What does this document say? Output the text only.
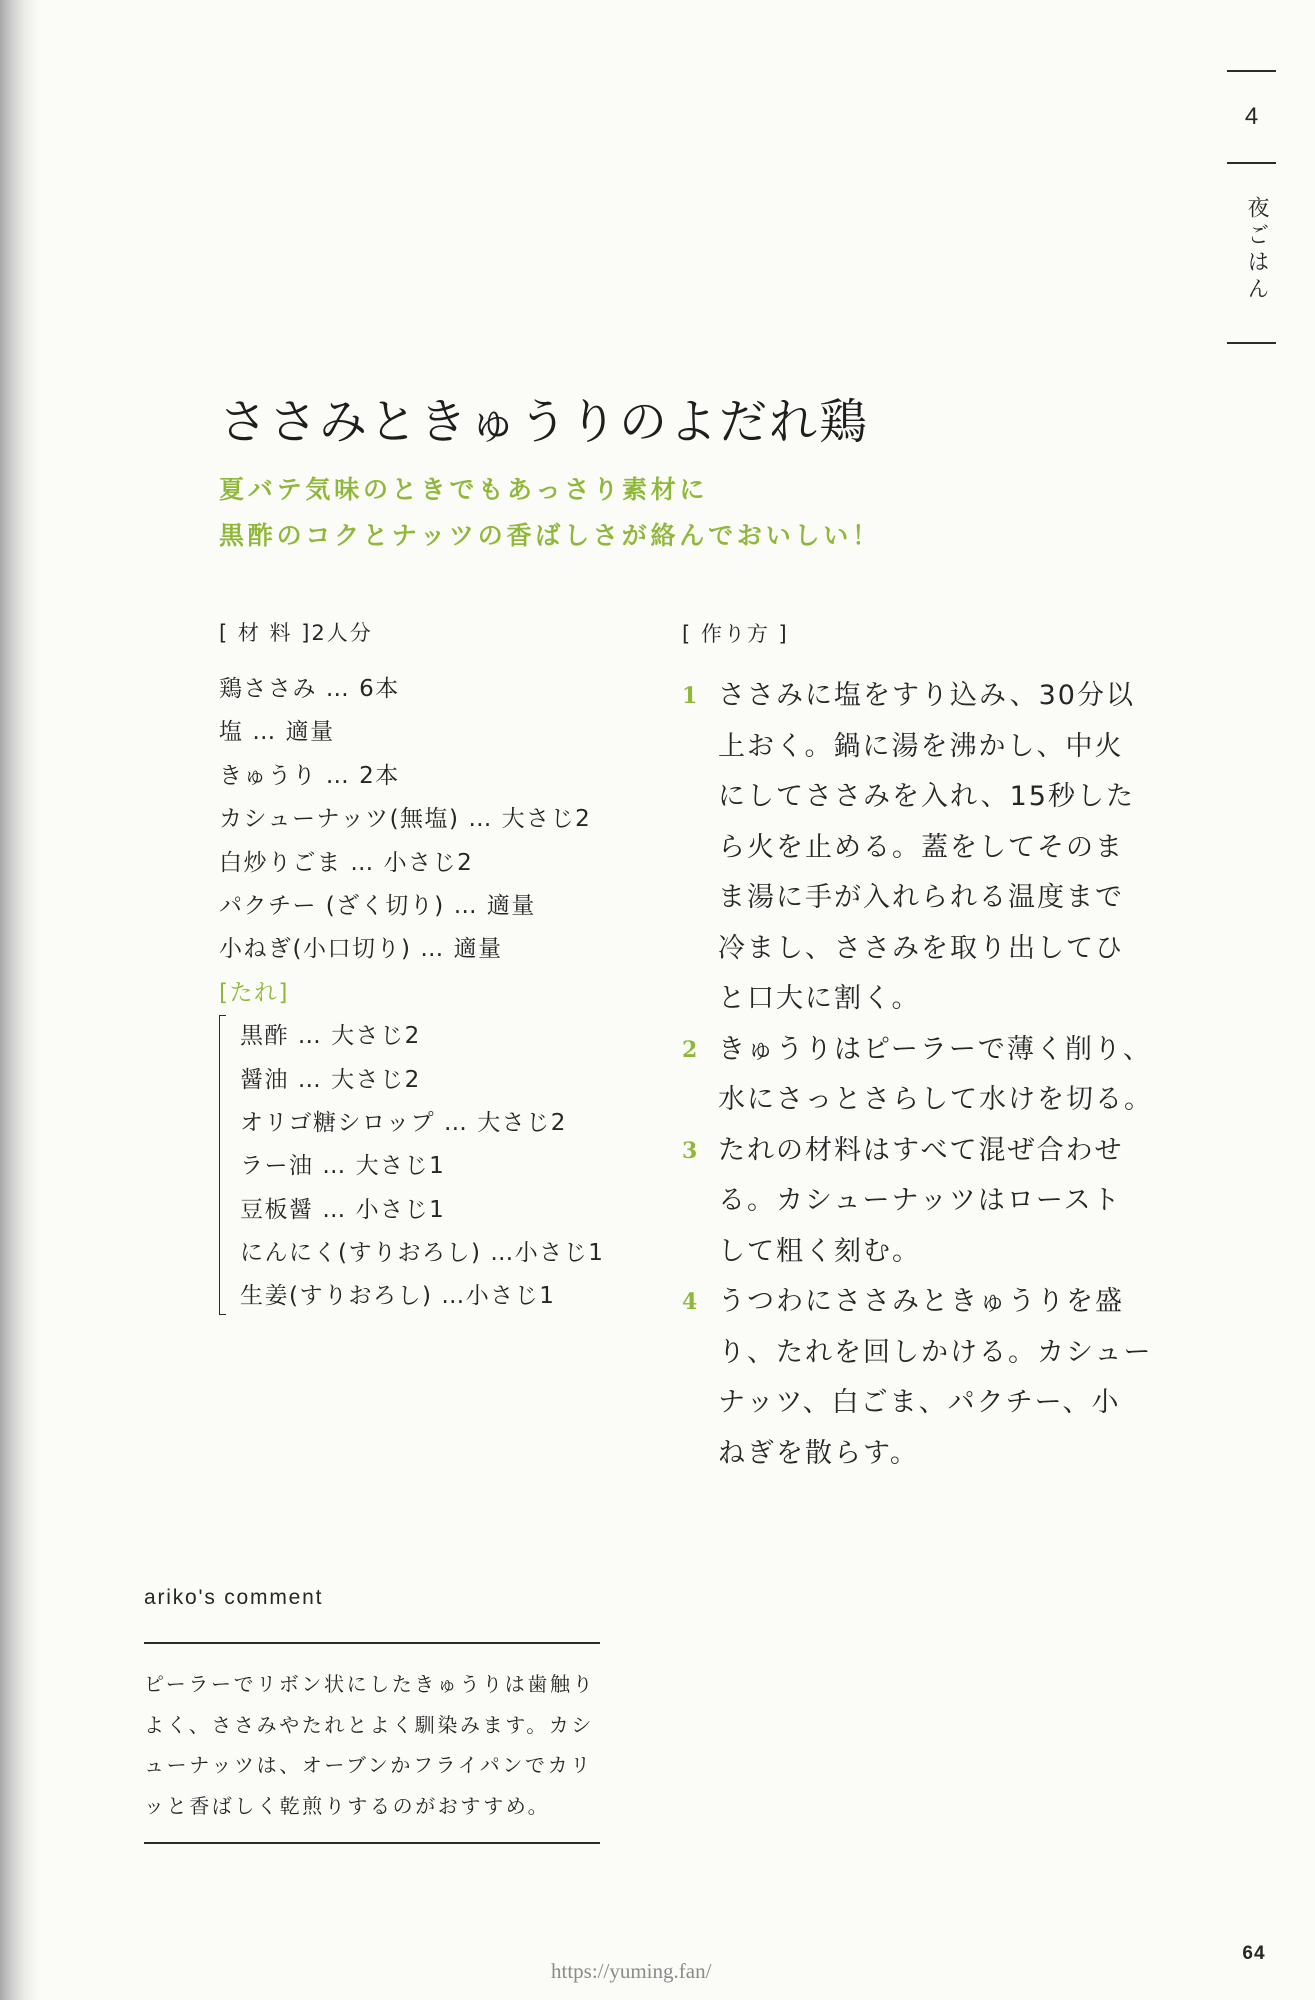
4
夜ごはん
ささみときゅうりのよだれ鶏
夏バテ気味のときでもあっさり素材に
黒酢のコクとナッツの香ばしさが絡んでおいしい！
[ 材 料 ]2人分
鶏ささみ … 6本
塩 … 適量
きゅうり … 2本
カシューナッツ(無塩) … 大さじ2
白炒りごま … 小さじ2
パクチー (ざく切り) … 適量
小ねぎ(小口切り) … 適量
[たれ]
黒酢 … 大さじ2
醤油 … 大さじ2
オリゴ糖シロップ … 大さじ2
ラー油 … 大さじ1
豆板醤 … 小さじ1
にんにく(すりおろし) …小さじ1
生姜(すりおろし) …小さじ1
[ 作り方 ]
1 ささみに塩をすり込み、30分以
上おく。鍋に湯を沸かし、中火
にしてささみを入れ、15秒した
ら火を止める。蓋をしてそのま
ま湯に手が入れられる温度まで
冷まし、ささみを取り出してひ
と口大に割く。
2 きゅうりはピーラーで薄く削り、
水にさっとさらして水けを切る。
3 たれの材料はすべて混ぜ合わせ
る。カシューナッツはロースト
して粗く刻む。
4 うつわにささみときゅうりを盛
り、たれを回しかける。カシュー
ナッツ、白ごま、パクチー、小
ねぎを散らす。
ariko's comment
ピーラーでリボン状にしたきゅうりは歯触り
よく、ささみやたれとよく馴染みます。カシ
ューナッツは、オーブンかフライパンでカリ
ッと香ばしく乾煎りするのがおすすめ。
64
https://yuming.fan/
